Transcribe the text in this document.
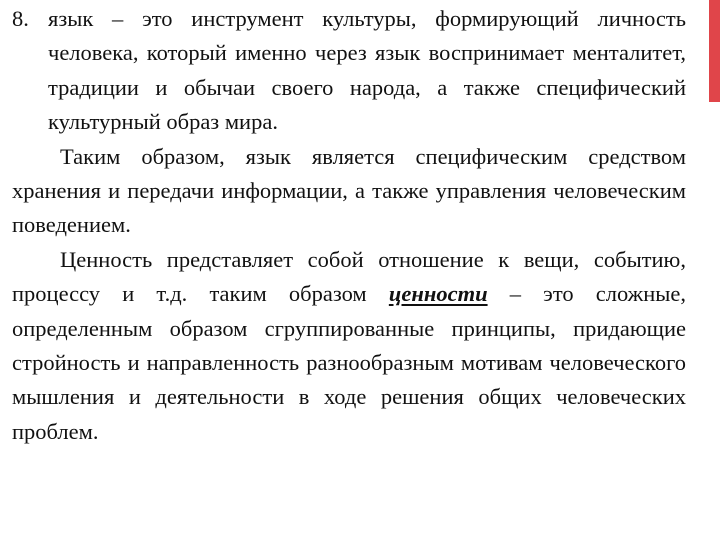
8. язык – это инструмент культуры, формирующий личность человека, который именно через язык воспринимает менталитет, традиции и обычаи своего народа, а также специфический культурный образ мира.

Таким образом, язык является специфическим средством хранения и передачи информации, а также управления человеческим поведением.

Ценность представляет собой отношение к вещи, событию, процессу и т.д. таким образом ценности – это сложные, определенным образом сгруппированные принципы, придающие стройность и направленность разнообразным мотивам человеческого мышления и деятельности в ходе решения общих человеческих проблем.
